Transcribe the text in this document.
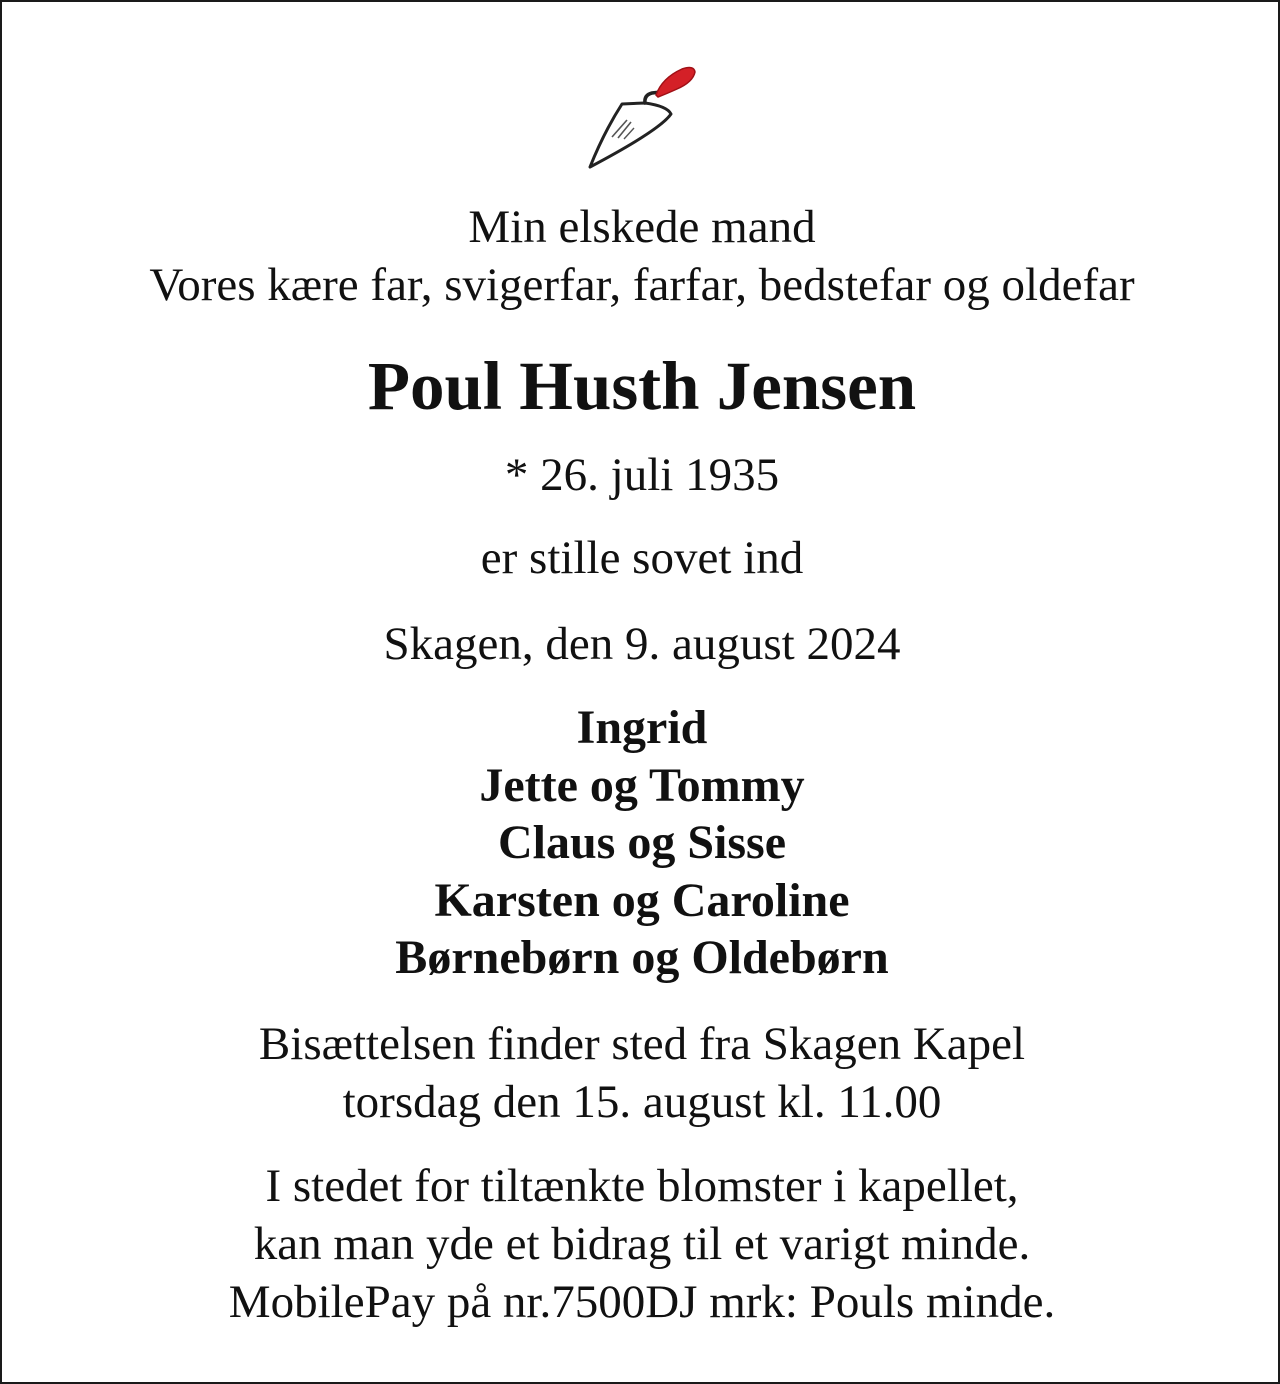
Min elskede mand
Vores kære far, svigerfar, farfar, bedstefar og oldefar
Poul Husth Jensen
* 26. juli 1935
er stille sovet ind
Skagen, den 9. august 2024
Ingrid
Jette og Tommy
Claus og Sisse
Karsten og Caroline
Børnebørn og Oldebørn
Bisættelsen finder sted fra Skagen Kapel
torsdag den 15. august kl. 11.00
I stedet for tiltænkte blomster i kapellet,
kan man yde et bidrag til et varigt minde.
MobilePay på nr.7500DJ mrk: Pouls minde.
